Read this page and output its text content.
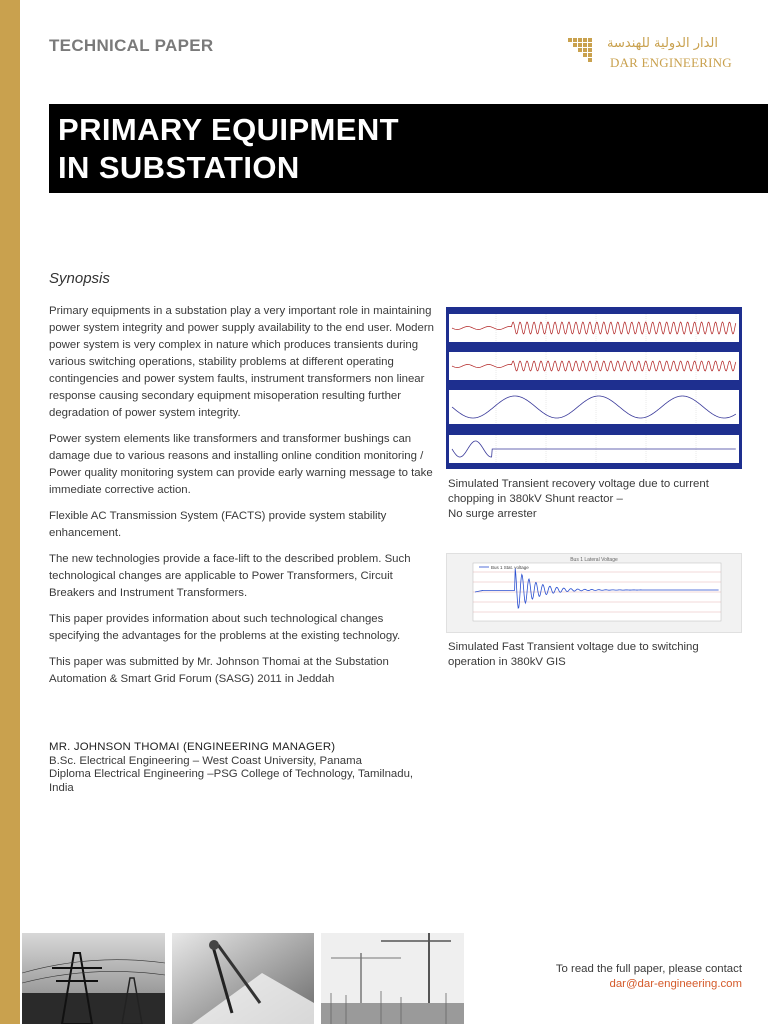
TECHNICAL PAPER	الدار الدولية للهندسة
DAR ENGINEERING
PRIMARY EQUIPMENT
IN SUBSTATION
Synopsis

Primary equipments in a substation play a very important role in maintaining power system integrity and power supply availability to the end user. Modern power system is very complex in nature which produces transients during various switching operations, stability problems at different operating contingencies and power system faults, instrument transformers non linear response causing secondary equipment misoperation resulting further degradation of power system integrity.

Power system elements like transformers and transformer bushings can damage due to various reasons and installing online condition monitoring / Power quality monitoring system can provide early warning message to take immediate corrective action.

Flexible AC Transmission System (FACTS) provide system stability enhancement.

The new technologies provide a face-lift to the described problem. Such technological changes are applicable to Power Transformers, Circuit Breakers and Instrument Transformers.

This paper provides information about such technological changes specifying the advantages for the problems at the existing technology.

This paper was submitted by Mr. Johnson Thomai at the Substation Automation & Smart Grid Forum (SASG) 2011 in Jeddah

MR. JOHNSON THOMAI (ENGINEERING MANAGER)
B.Sc. Electrical Engineering – West Coast University, Panama
Diploma Electrical Engineering –PSG College of Technology, Tamilnadu, India
Simulated Transient recovery voltage due to current
chopping in 380kV Shunt reactor –
No surge arrester
Bus 1 Lateral Voltage
Bus 1 Stat. voltage
Simulated Fast Transient voltage due to switching
operation in 380kV GIS
To read the full paper, please contact
dar@dar-engineering.com
